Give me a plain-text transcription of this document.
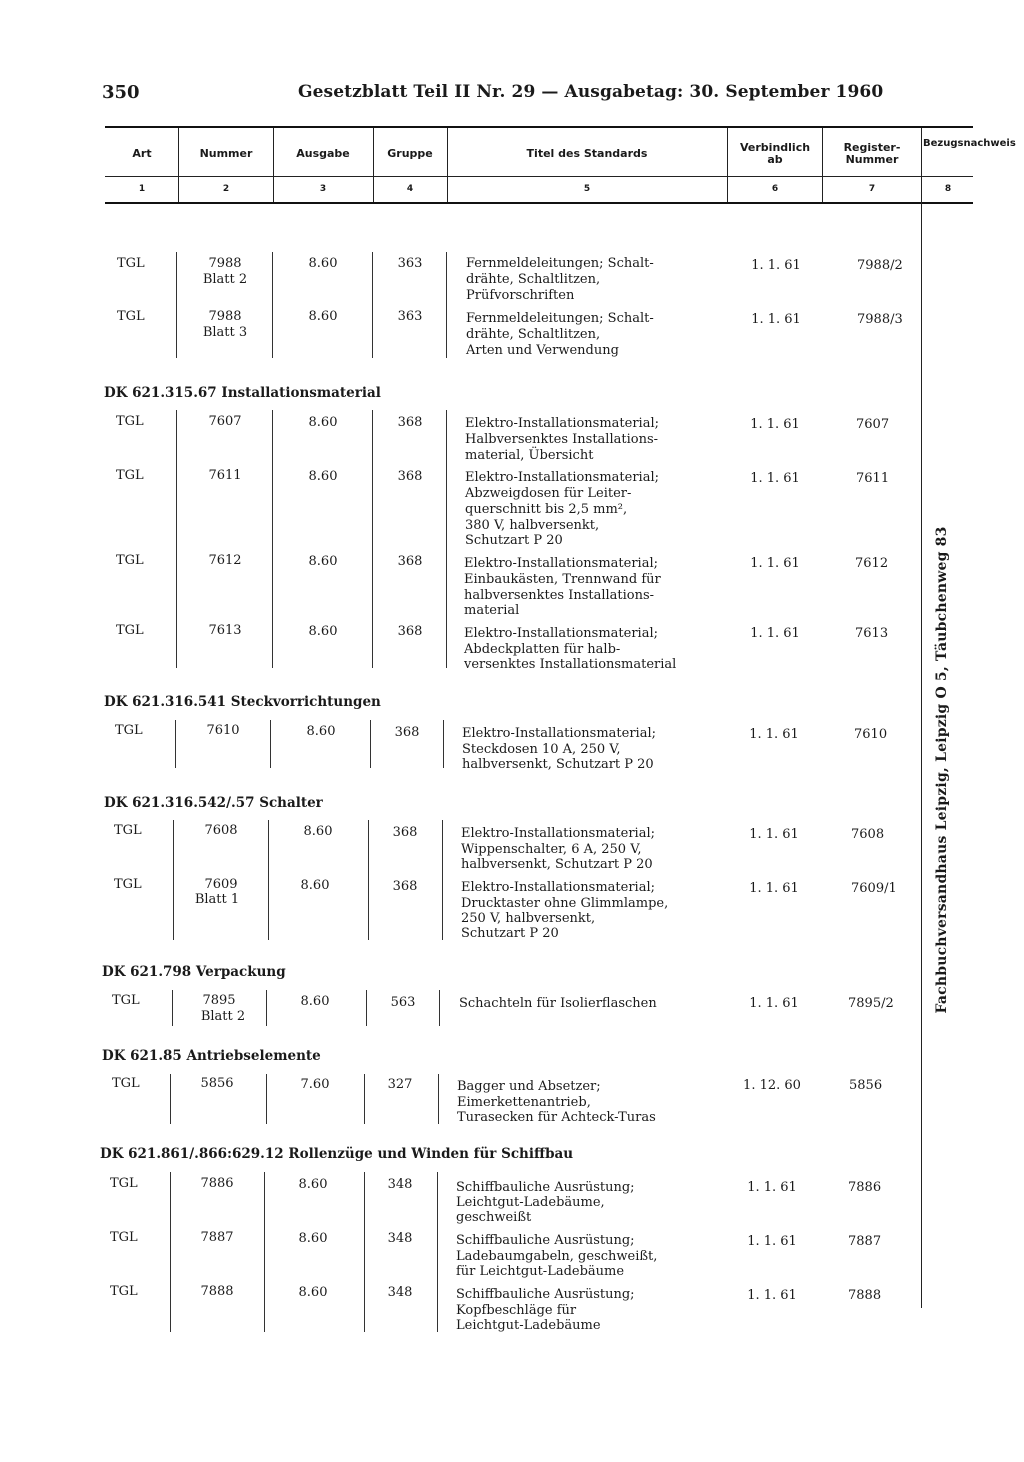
350	Gesetzblatt Teil II Nr. 29 — Ausgabetag: 30. September 1960
Art	Nummer	Ausgabe	Gruppe	Titel des Standards	Verbindlich ab
Register-Nummer
Bezugsnachweis
1	2	3	4	5	6	7	8
DK 621.315.67 Installationsmaterial
DK 621.316.541 Steckvorrichtungen
DK 621.316.542/.57 Schalter
DK 621.798 Verpackung
DK 621.85 Antriebselemente
DK 621.861/.866:629.12 Rollenzüge und Winden für Schiffbau
TGL	7988
Blatt 2
8.60	363	Fernmeldeleitungen; Schalt-
drähte, Schaltlitzen,
Prüfvorschriften
1. 1. 61	7988/2
TGL	7988
Blatt 3
8.60	363	Fernmeldeleitungen; Schalt-
drähte, Schaltlitzen,
Arten und Verwendung
1. 1. 61	7988/3
TGL	7607	8.60	368	Elektro-Installationsmaterial;
Halbversenktes Installations-
material, Übersicht
1. 1. 61	7607
TGL	7611	8.60	368	Elektro-Installationsmaterial;
Abzweigdosen für Leiter-
querschnitt bis 2,5 mm²,
380 V, halbversenkt,
Schutzart P 20
1. 1. 61	7611
TGL	7612	8.60	368	Elektro-Installationsmaterial;
Einbaukästen, Trennwand für
halbversenktes Installations-
material
1. 1. 61	7612
TGL	7613	8.60	368	Elektro-Installationsmaterial;
Abdeckplatten für halb-
versenktes Installationsmaterial
1. 1. 61	7613
TGL	7610	8.60	368	Elektro-Installationsmaterial;
Steckdosen 10 A, 250 V,
halbversenkt, Schutzart P 20
1. 1. 61	7610
TGL	7608	8.60	368	Elektro-Installationsmaterial;
Wippenschalter, 6 A, 250 V,
halbversenkt, Schutzart P 20
1. 1. 61	7608
TGL	7609
Blatt 1
8.60	368	Elektro-Installationsmaterial;
Drucktaster ohne Glimmlampe,
250 V, halbversenkt,
Schutzart P 20
1. 1. 61	7609/1
TGL	7895
Blatt 2
8.60	563	Schachteln für Isolierflaschen	1. 1. 61	7895/2
TGL	5856	7.60	327	Bagger und Absetzer;
Eimerkettenantrieb,
Turasecken für Achteck-Turas
1. 12. 60	5856
TGL	7886	8.60	348	Schiffbauliche Ausrüstung;
Leichtgut-Ladebäume,
geschweißt
1. 1. 61	7886
TGL	7887	8.60	348	Schiffbauliche Ausrüstung;
Ladebaumgabeln, geschweißt,
für Leichtgut-Ladebäume
1. 1. 61	7887
TGL	7888	8.60	348	Schiffbauliche Ausrüstung;
Kopfbeschläge für
Leichtgut-Ladebäume
1. 1. 61	7888
Fachbuchversandhaus Leipzig, Leipzig O 5, Täubchenweg 83
